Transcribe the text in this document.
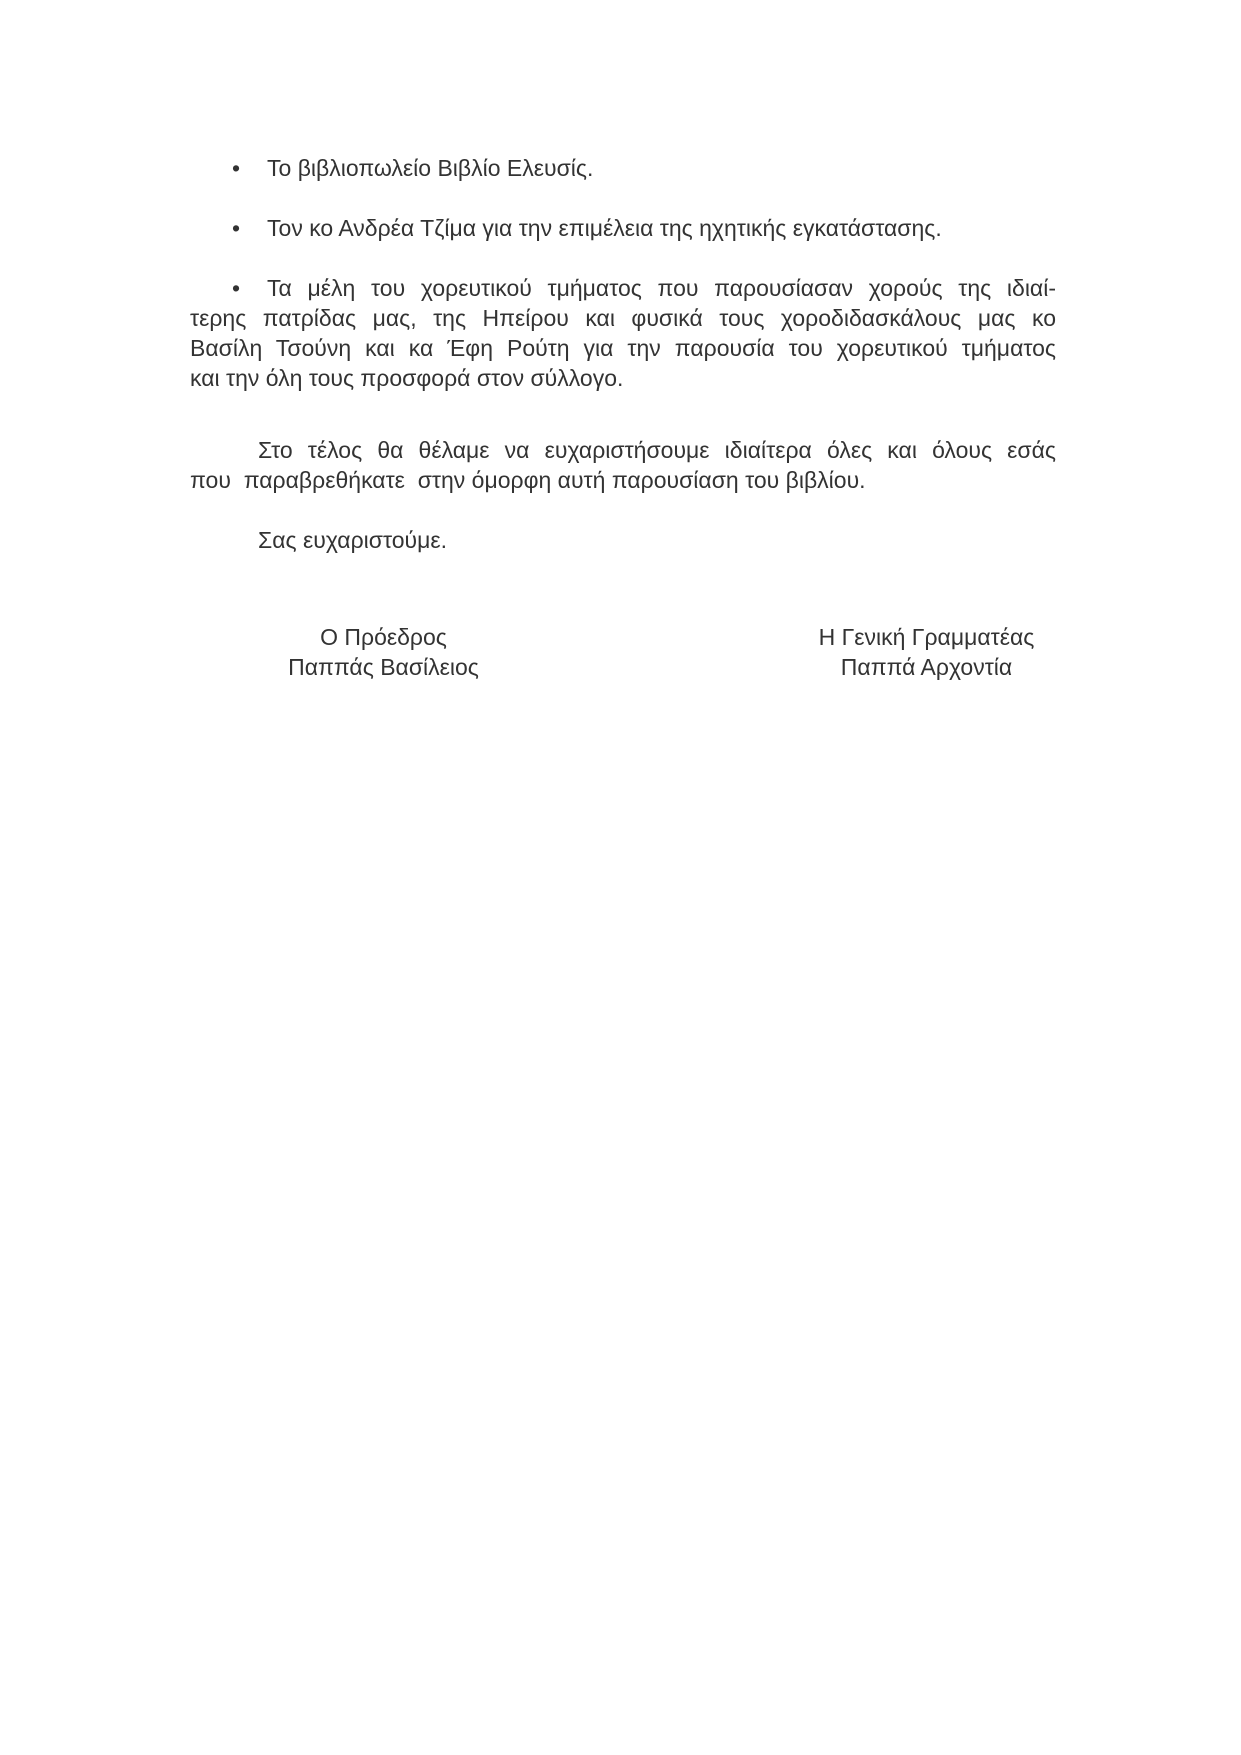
• Το βιβλιοπωλείο Βιβλίο Ελευσίς.

• Τον κο Ανδρέα Τζίμα για την επιμέλεια της ηχητικής εγκατάστασης.

• Τα μέλη του χορευτικού τμήματος που παρουσίασαν χορούς της ιδιαί-

τερης πατρίδας μας, της Ηπείρου και φυσικά τους χοροδιδασκάλους μας κο

Βασίλη Τσούνη και κα Έφη Ρούτη για την παρουσία του χορευτικού τμήματος

και την όλη τους προσφορά στον σύλλογο.

Στο τέλος θα θέλαμε να ευχαριστήσουμε ιδιαίτερα όλες και όλους εσάς

που  παραβρεθήκατε  στην όμορφη αυτή παρουσίαση του βιβλίου.

Σας ευχαριστούμε.

Ο Πρόεδρος
Παππάς Βασίλειος
Η Γενική Γραμματέας
Παππά Αρχοντία
